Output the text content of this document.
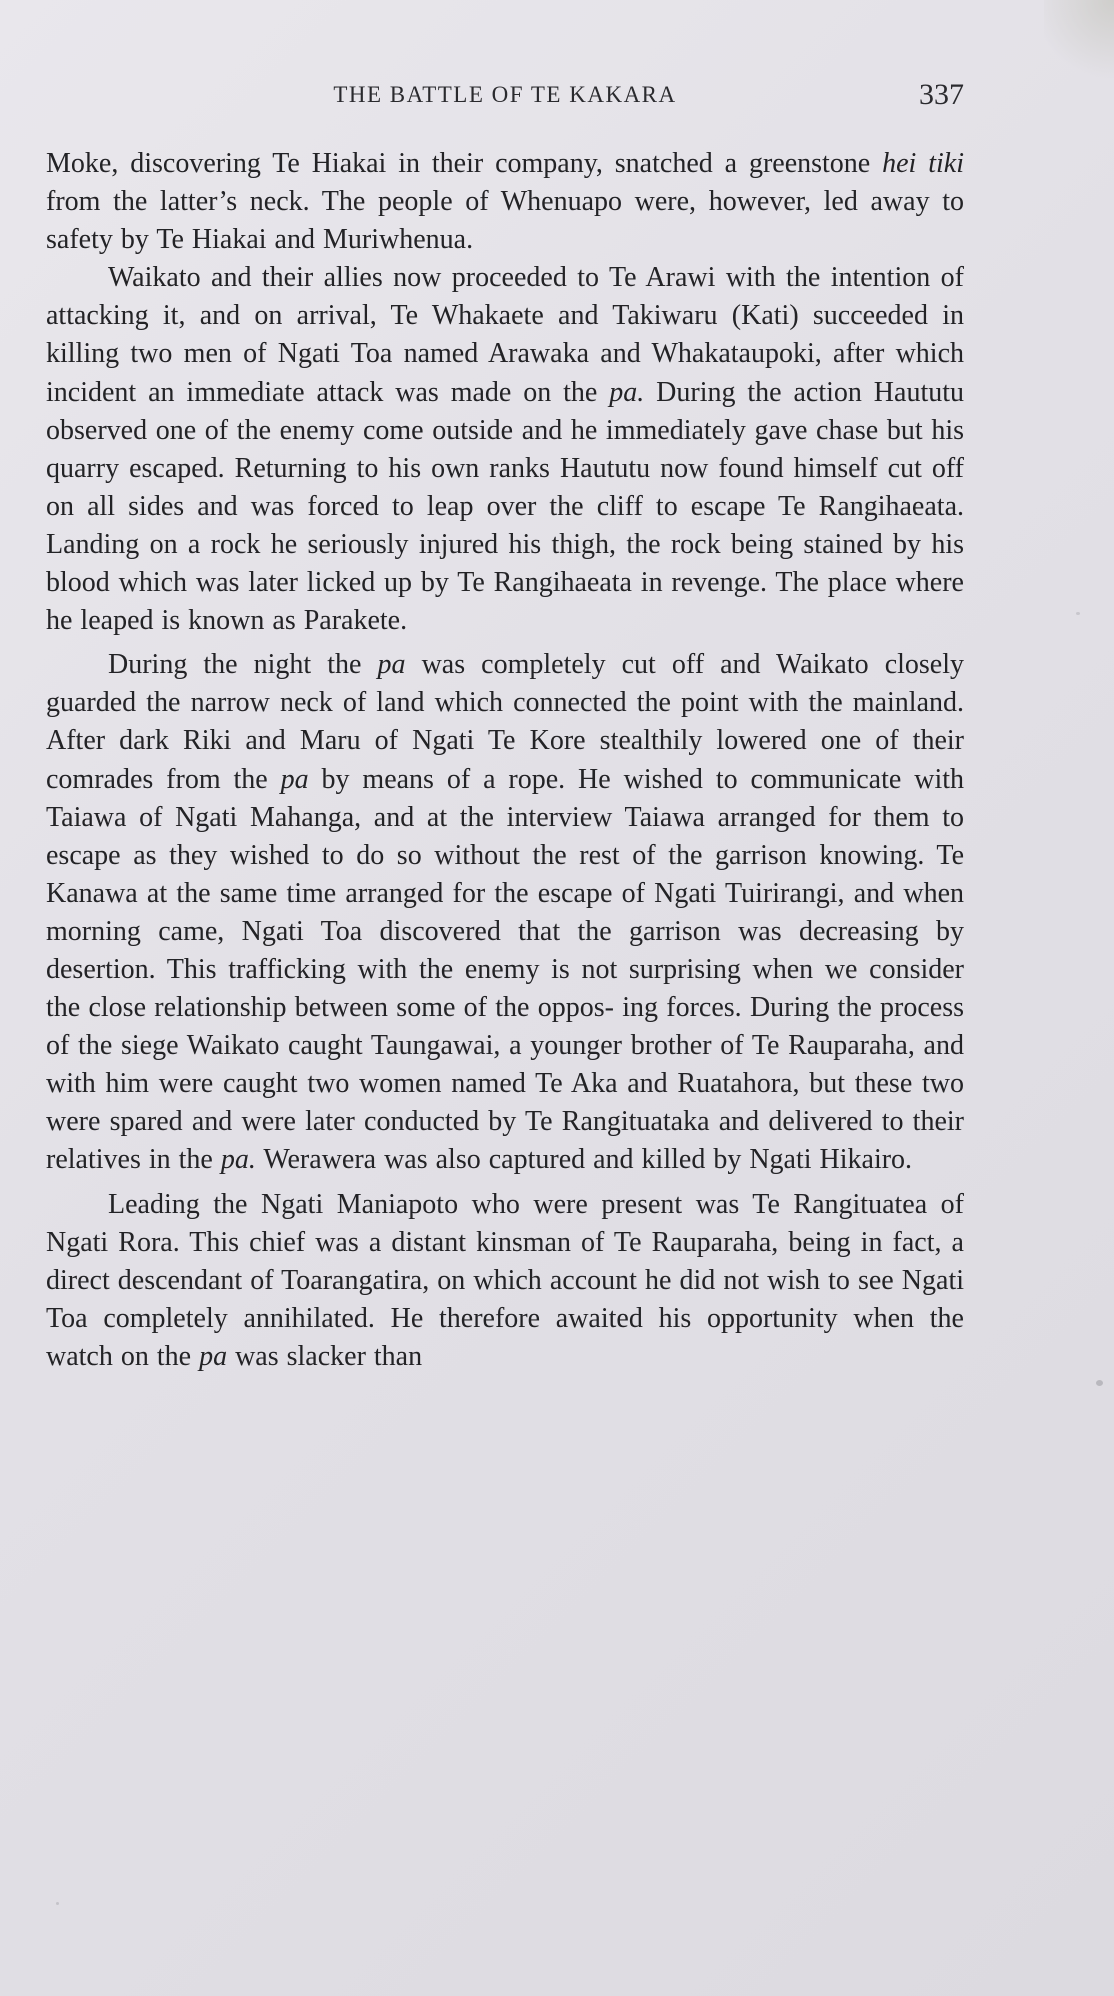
THE BATTLE OF TE KAKARA	337

Moke, discovering Te Hiakai in their company, snatched a greenstone hei tiki from the latter’s neck. The people of Whenuapo were, however, led away to safety by Te Hiakai and Muriwhenua.

Waikato and their allies now proceeded to Te Arawi with the intention of attacking it, and on arrival, Te Whakaete and Takiwaru (Kati) succeeded in killing two men of Ngati Toa named Arawaka and Whakataupoki, after which incident an immediate attack was made on the pa. During the action Haututu observed one of the enemy come outside and he immediately gave chase but his quarry escaped. Returning to his own ranks Haututu now found himself cut off on all sides and was forced to leap over the cliff to escape Te Rangihaeata. Landing on a rock he seriously injured his thigh, the rock being stained by his blood which was later licked up by Te Rangihaeata in revenge. The place where he leaped is known as Parakete.

During the night the pa was completely cut off and Waikato closely guarded the narrow neck of land which connected the point with the mainland. After dark Riki and Maru of Ngati Te Kore stealthily lowered one of their comrades from the pa by means of a rope. He wished to communicate with Taiawa of Ngati Mahanga, and at the interview Taiawa arranged for them to escape as they wished to do so without the rest of the garrison knowing. Te Kanawa at the same time arranged for the escape of Ngati Tuirirangi, and when morning came, Ngati Toa discovered that the garrison was decreasing by desertion. This trafficking with the enemy is not surprising when we consider the close relationship between some of the oppos- ing forces. During the process of the siege Waikato caught Taungawai, a younger brother of Te Rauparaha, and with him were caught two women named Te Aka and Ruatahora, but these two were spared and were later conducted by Te Rangituataka and delivered to their relatives in the pa. Werawera was also captured and killed by Ngati Hikairo.

Leading the Ngati Maniapoto who were present was Te Rangituatea of Ngati Rora. This chief was a distant kinsman of Te Rauparaha, being in fact, a direct descendant of Toarangatira, on which account he did not wish to see Ngati Toa completely annihilated. He therefore awaited his opportunity when the watch on the pa was slacker than
